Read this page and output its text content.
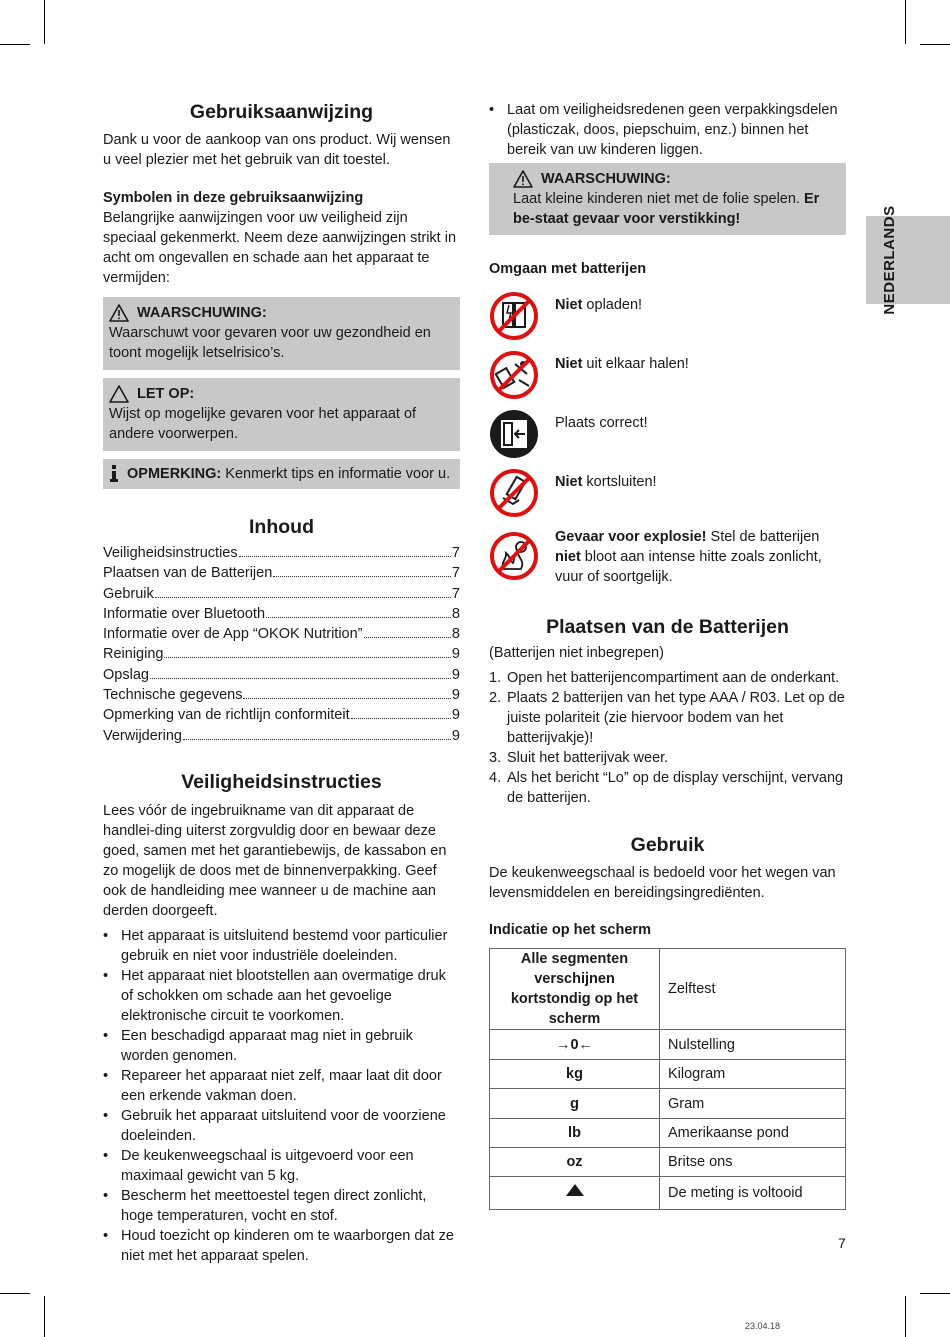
Gebruiksaanwijzing

Dank u voor de aankoop van ons product. Wij wensen u veel plezier met het gebruik van dit toestel.

Symbolen in deze gebruiksaanwijzing

Belangrijke aanwijzingen voor uw veiligheid zijn speciaal gekenmerkt. Neem deze aanwijzingen strikt in acht om ongevallen en schade aan het apparaat te vermijden:

WAARSCHUWING:

Waarschuwt voor gevaren voor uw gezondheid en toont mogelijk letselrisico’s.

LET OP:

Wijst op mogelijke gevaren voor het apparaat of andere voorwerpen.

OPMERKING: Kenmerkt tips en informatie voor u.
Inhoud
Veiligheidsinstructies	7
Plaatsen van de Batterijen	7
Gebruik	7
Informatie over Bluetooth	8
Informatie over de App “OKOK Nutrition”	8
Reiniging	9
Opslag	9
Technische gegevens	9
Opmerking van de richtlijn conformiteit	9
Verwijdering	9
Veiligheidsinstructies

Lees vóór de ingebruikname van dit apparaat de handlei-ding uiterst zorgvuldig door en bewaar deze goed, samen met het garantiebewijs, de kassabon en zo mogelijk de doos met de binnenverpakking. Geef ook de handleiding mee wanneer u de machine aan derden doorgeeft.

• Het apparaat is uitsluitend bestemd voor particulier gebruik en niet voor industriële doeleinden.
• Het apparaat niet blootstellen aan overmatige druk of schokken om schade aan het gevoelige elektronische circuit te voorkomen.
• Een beschadigd apparaat mag niet in gebruik worden genomen.
• Repareer het apparaat niet zelf, maar laat dit door een erkende vakman doen.
• Gebruik het apparaat uitsluitend voor de voorziene doeleinden.
• De keukenweegschaal is uitgevoerd voor een maximaal gewicht van 5 kg.
• Bescherm het meettoestel tegen direct zonlicht, hoge temperaturen, vocht en stof.
• Houd toezicht op kinderen om te waarborgen dat ze niet met het apparaat spelen.
• Laat om veiligheidsredenen geen verpakkingsdelen (plasticzak, doos, piepschuim, enz.) binnen het bereik van uw kinderen liggen.
WAARSCHUWING:

Laat kleine kinderen niet met de folie spelen. Er be-staat gevaar voor verstikking!

Omgaan met batterijen

Niet opladen!
Niet uit elkaar halen!
Plaats correct!
Niet kortsluiten!
Gevaar voor explosie! Stel de batterijen niet bloot aan intense hitte zoals zonlicht, vuur of soortgelijk.
Plaatsen van de Batterijen

(Batterijen niet inbegrepen)

1. Open het batterijencompartiment aan de onderkant.
2. Plaats 2 batterijen van het type AAA / R03. Let op de juiste polariteit (zie hiervoor bodem van het batterijvakje)!
3. Sluit het batterijvak weer.
4. Als het bericht “Lo” op de display verschijnt, vervang de batterijen.
Gebruik

De keukenweegschaal is bedoeld voor het wegen van levensmiddelen en bereidingsingrediënten.

Indicatie op het scherm

Alle segmenten verschijnen kortstondig op het scherm	Zelftest
→0←	Nulstelling
kg	Kilogram
g	Gram
lb	Amerikaanse pond
oz	Britse ons
	De meting is voltooid
NEDERLANDS
7
23.04.18
